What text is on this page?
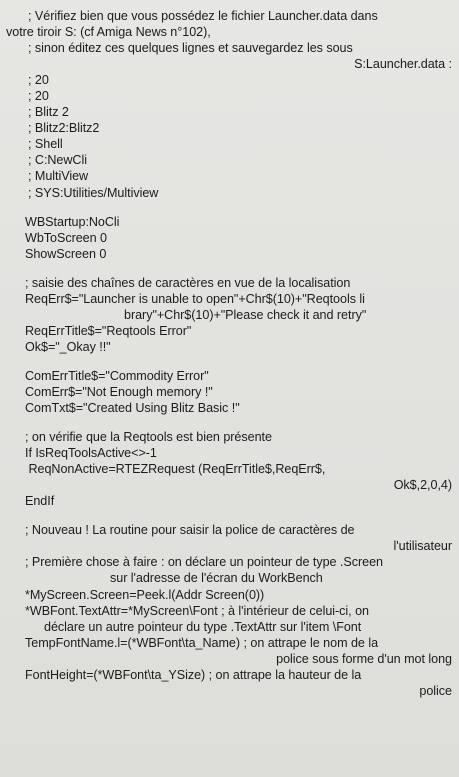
; Vérifiez bien que vous possédez le fichier Launcher.data dans
votre tiroir S: (cf Amiga News n°102),
; sinon éditez ces quelques lignes et sauvegardez les sous
S:Launcher.data :
; 20
; 20
; Blitz 2
; Blitz2:Blitz2
; Shell
; C:NewCli
; MultiView
; SYS:Utilities/Multiview
WBStartup:NoCli
WbToScreen 0
ShowScreen 0
; saisie des chaînes de caractères en vue de la localisation
ReqErr$="Launcher is unable to open"+Chr$(10)+"Reqtools li
brary"+Chr$(10)+"Please check it and retry"
ReqErrTitle$="Reqtools Error"
Ok$="_Okay !!"
ComErrTitle$="Commodity Error"
ComErr$="Not Enough memory !"
ComTxt$="Created Using Blitz Basic !"
; on vérifie que la Reqtools est bien présente
If IsReqToolsActive<>-1
ReqNonActive=RTEZRequest (ReqErrTitle$,ReqErr$,
Ok$,2,0,4)
EndIf
; Nouveau ! La routine pour saisir la police de caractères de
l'utilisateur
; Première chose à faire : on déclare un pointeur de type .Screen
sur l'adresse de l'écran du WorkBench
*MyScreen.Screen=Peek.l(Addr Screen(0))
*WBFont.TextAttr=*MyScreen\Font ; à l'intérieur de celui-ci, on
déclare un autre pointeur du type .TextAttr sur l'item \Font
TempFontName.l=(*WBFont\ta_Name) ; on attrape le nom de la
police sous forme d'un mot long
FontHeight=(*WBFont\ta_YSize) ; on attrape la hauteur de la
police
